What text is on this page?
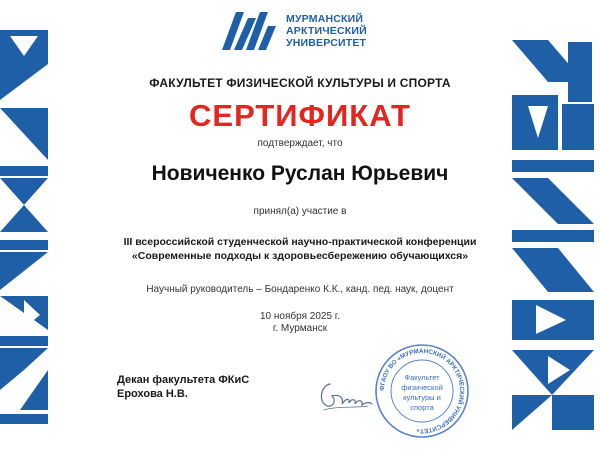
МУРМАНСКИЙ
АРКТИЧЕСКИЙ
УНИВЕРСИТЕТ
ФАКУЛЬТЕТ ФИЗИЧЕСКОЙ КУЛЬТУРЫ И СПОРТА
СЕРТИФИКАТ
подтверждает, что
Новиченко Руслан Юрьевич
принял(а) участие в
III всероссийской студенческой научно-практической конференции
«Современные подходы к здоровьесбережению обучающихся»
Научный руководитель – Бондаренко К.К., канд. пед. наук, доцент
10 ноября 2025 г.
г. Мурманск
Декан факультета ФКиС
Ерохова Н.В.	ФГАОУ ВО «МУРМАНСКИЙ АРКТИЧЕСКИЙ УНИВЕРСИТЕТ»
Факультет
физической
культуры и
спорта
